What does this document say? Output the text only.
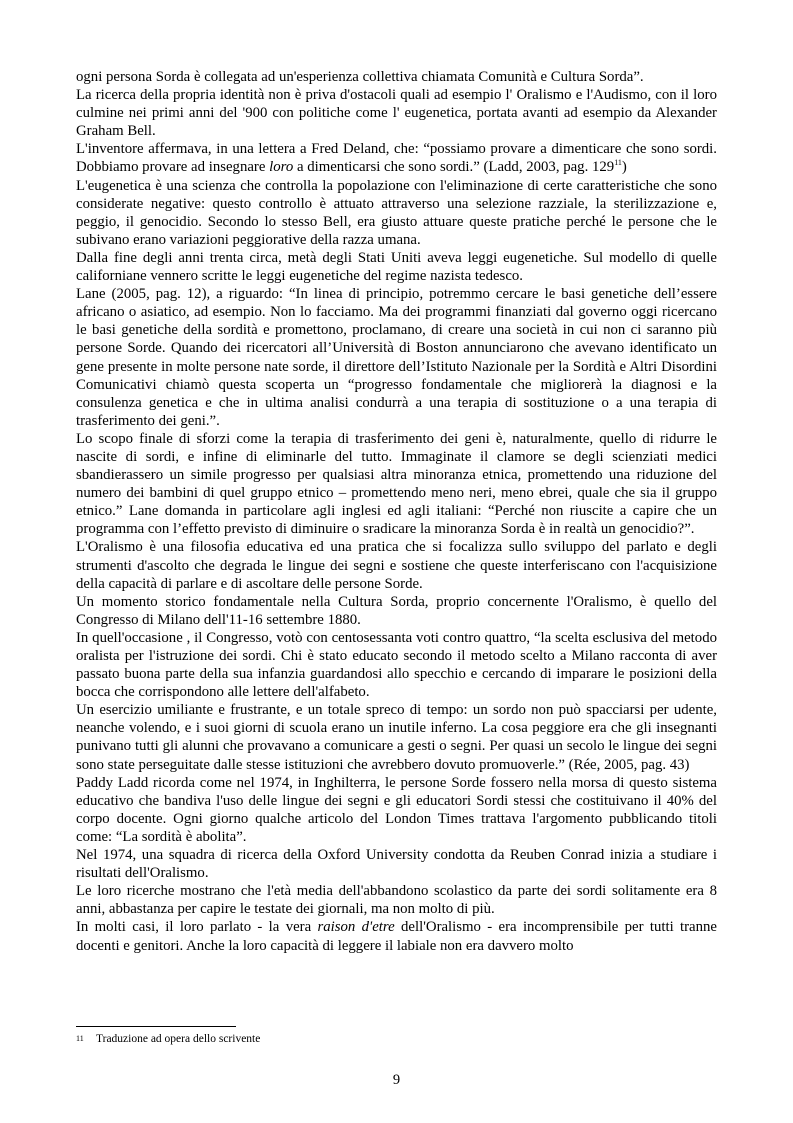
ogni persona Sorda è collegata ad un'esperienza collettiva chiamata Comunità e Cultura Sorda”.

La ricerca della propria identità non è priva d'ostacoli quali ad esempio l' Oralismo e l'Audismo, con il loro culmine nei primi anni del '900 con politiche come l' eugenetica, portata avanti ad esempio da Alexander Graham Bell.

L'inventore affermava, in una lettera a Fred Deland, che: “possiamo provare a dimenticare che sono sordi. Dobbiamo provare ad insegnare loro a dimenticarsi che sono sordi.” (Ladd, 2003, pag. $129^{11}$)

L'eugenetica è una scienza che controlla la popolazione con l'eliminazione di certe caratteristiche che sono considerate negative: questo controllo è attuato attraverso una selezione razziale, la sterilizzazione e, peggio, il genocidio. Secondo lo stesso Bell, era giusto attuare queste pratiche perché le persone che le subivano erano variazioni peggiorative della razza umana.

Dalla fine degli anni trenta circa, metà degli Stati Uniti aveva leggi eugenetiche. Sul modello di quelle californiane vennero scritte le leggi eugenetiche del regime nazista tedesco.

Lane (2005, pag. 12), a riguardo: “In linea di principio, potremmo cercare le basi genetiche dell’essere africano o asiatico, ad esempio. Non lo facciamo. Ma dei programmi finanziati dal governo oggi ricercano le basi genetiche della sordità e promettono, proclamano, di creare una società in cui non ci saranno più persone Sorde. Quando dei ricercatori all’Università di Boston annunciarono che avevano identificato un gene presente in molte persone nate sorde, il direttore dell’Istituto Nazionale per la Sordità e Altri Disordini Comunicativi chiamò questa scoperta un “progresso fondamentale che migliorerà la diagnosi e la consulenza genetica e che in ultima analisi condurrà a una terapia di sostituzione o a una terapia di trasferimento dei geni.”.

Lo scopo finale di sforzi come la terapia di trasferimento dei geni è, naturalmente, quello di ridurre le nascite di sordi, e infine di eliminarle del tutto. Immaginate il clamore se degli scienziati medici sbandierassero un simile progresso per qualsiasi altra minoranza etnica, promettendo una riduzione del numero dei bambini di quel gruppo etnico – promettendo meno neri, meno ebrei, quale che sia il gruppo etnico.” Lane domanda in particolare agli inglesi ed agli italiani: “Perché non riuscite a capire che un programma con l’effetto previsto di diminuire o sradicare la minoranza Sorda è in realtà un genocidio?”.

L'Oralismo è una filosofia educativa ed una pratica che si focalizza sullo sviluppo del parlato e degli strumenti d'ascolto che degrada le lingue dei segni e sostiene che queste interferiscano con l'acquisizione della capacità di parlare e di ascoltare delle persone Sorde.

Un momento storico fondamentale nella Cultura Sorda, proprio concernente l'Oralismo, è quello del Congresso di Milano dell'11-16 settembre 1880.

In quell'occasione , il Congresso, votò con centosessanta voti contro quattro, “la scelta esclusiva del metodo oralista per l'istruzione dei sordi. Chi è stato educato secondo il metodo scelto a Milano racconta di aver passato buona parte della sua infanzia guardandosi allo specchio e cercando di imparare le posizioni della bocca che corrispondono alle lettere dell'alfabeto.

Un esercizio umiliante e frustrante, e un totale spreco di tempo: un sordo non può spacciarsi per udente, neanche volendo, e i suoi giorni di scuola erano un inutile inferno. La cosa peggiore era che gli insegnanti punivano tutti gli alunni che provavano a comunicare a gesti o segni. Per quasi un secolo le lingue dei segni sono state perseguitate dalle stesse istituzioni che avrebbero dovuto promuoverle.” (Rée, 2005, pag. 43)

Paddy Ladd ricorda come nel 1974, in Inghilterra, le persone Sorde fossero nella morsa di questo sistema educativo che bandiva l'uso delle lingue dei segni e gli educatori Sordi stessi che costituivano il 40% del corpo docente. Ogni giorno qualche articolo del London Times trattava l'argomento pubblicando titoli come: “La sordità è abolita”.

Nel 1974, una squadra di ricerca della Oxford University condotta da Reuben Conrad inizia a studiare i risultati dell'Oralismo.

Le loro ricerche mostrano che l'età media dell'abbandono scolastico da parte dei sordi solitamente era 8 anni, abbastanza per capire le testate dei giornali, ma non molto di più.

In molti casi, il loro parlato - la vera raison d'etre dell'Oralismo - era incomprensibile per tutti tranne docenti e genitori. Anche la loro capacità di leggere il labiale non era davvero molto

11 Traduzione ad opera dello scrivente
9
